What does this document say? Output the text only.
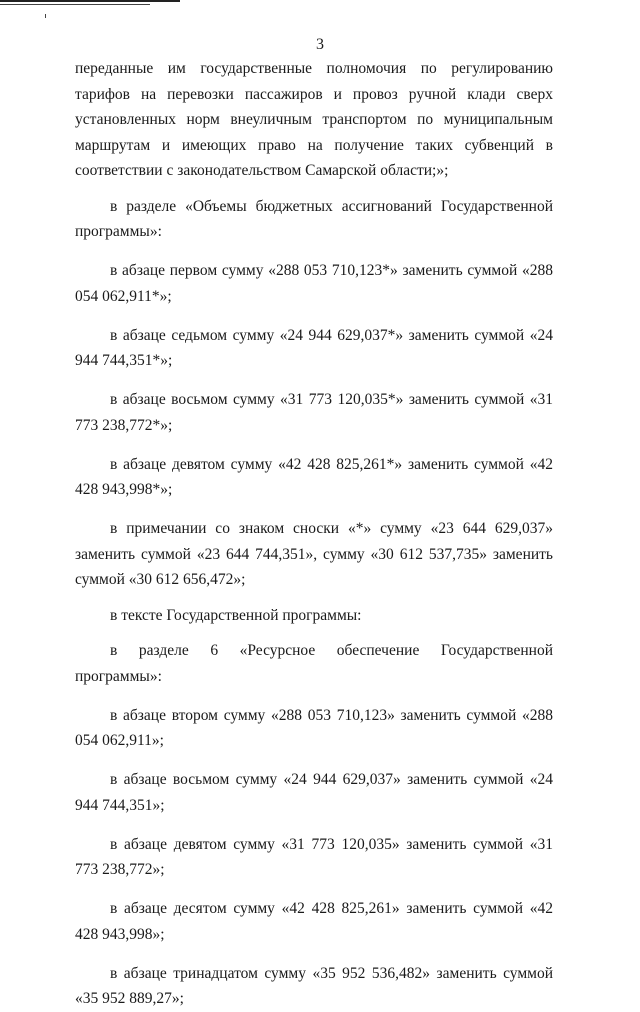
3

переданные им государственные полномочия по регулированию тарифов на перевозки пассажиров и провоз ручной клади сверх установленных норм внеуличным транспортом по муниципальным маршрутам и имеющих право на получение таких субвенций в соответствии с законодательством Самарской области;»;

в разделе «Объемы бюджетных ассигнований Государственной программы»:

в абзаце первом сумму «288 053 710,123*» заменить суммой «288 054 062,911*»;

в абзаце седьмом сумму «24 944 629,037*» заменить суммой «24 944 744,351*»;

в абзаце восьмом сумму «31 773 120,035*» заменить суммой «31 773 238,772*»;

в абзаце девятом сумму «42 428 825,261*» заменить суммой «42 428 943,998*»;

в примечании со знаком сноски «*» сумму «23 644 629,037» заменить суммой «23 644 744,351», сумму «30 612 537,735» заменить суммой «30 612 656,472»;

в тексте Государственной программы:

в разделе 6 «Ресурсное обеспечение Государственной программы»:

в абзаце втором сумму «288 053 710,123» заменить суммой «288 054 062,911»;

в абзаце восьмом сумму «24 944 629,037» заменить суммой «24 944 744,351»;

в абзаце девятом сумму «31 773 120,035» заменить суммой «31 773 238,772»;

в абзаце десятом сумму «42 428 825,261» заменить суммой «42 428 943,998»;

в абзаце тринадцатом сумму «35 952 536,482» заменить суммой «35 952 889,27»;
